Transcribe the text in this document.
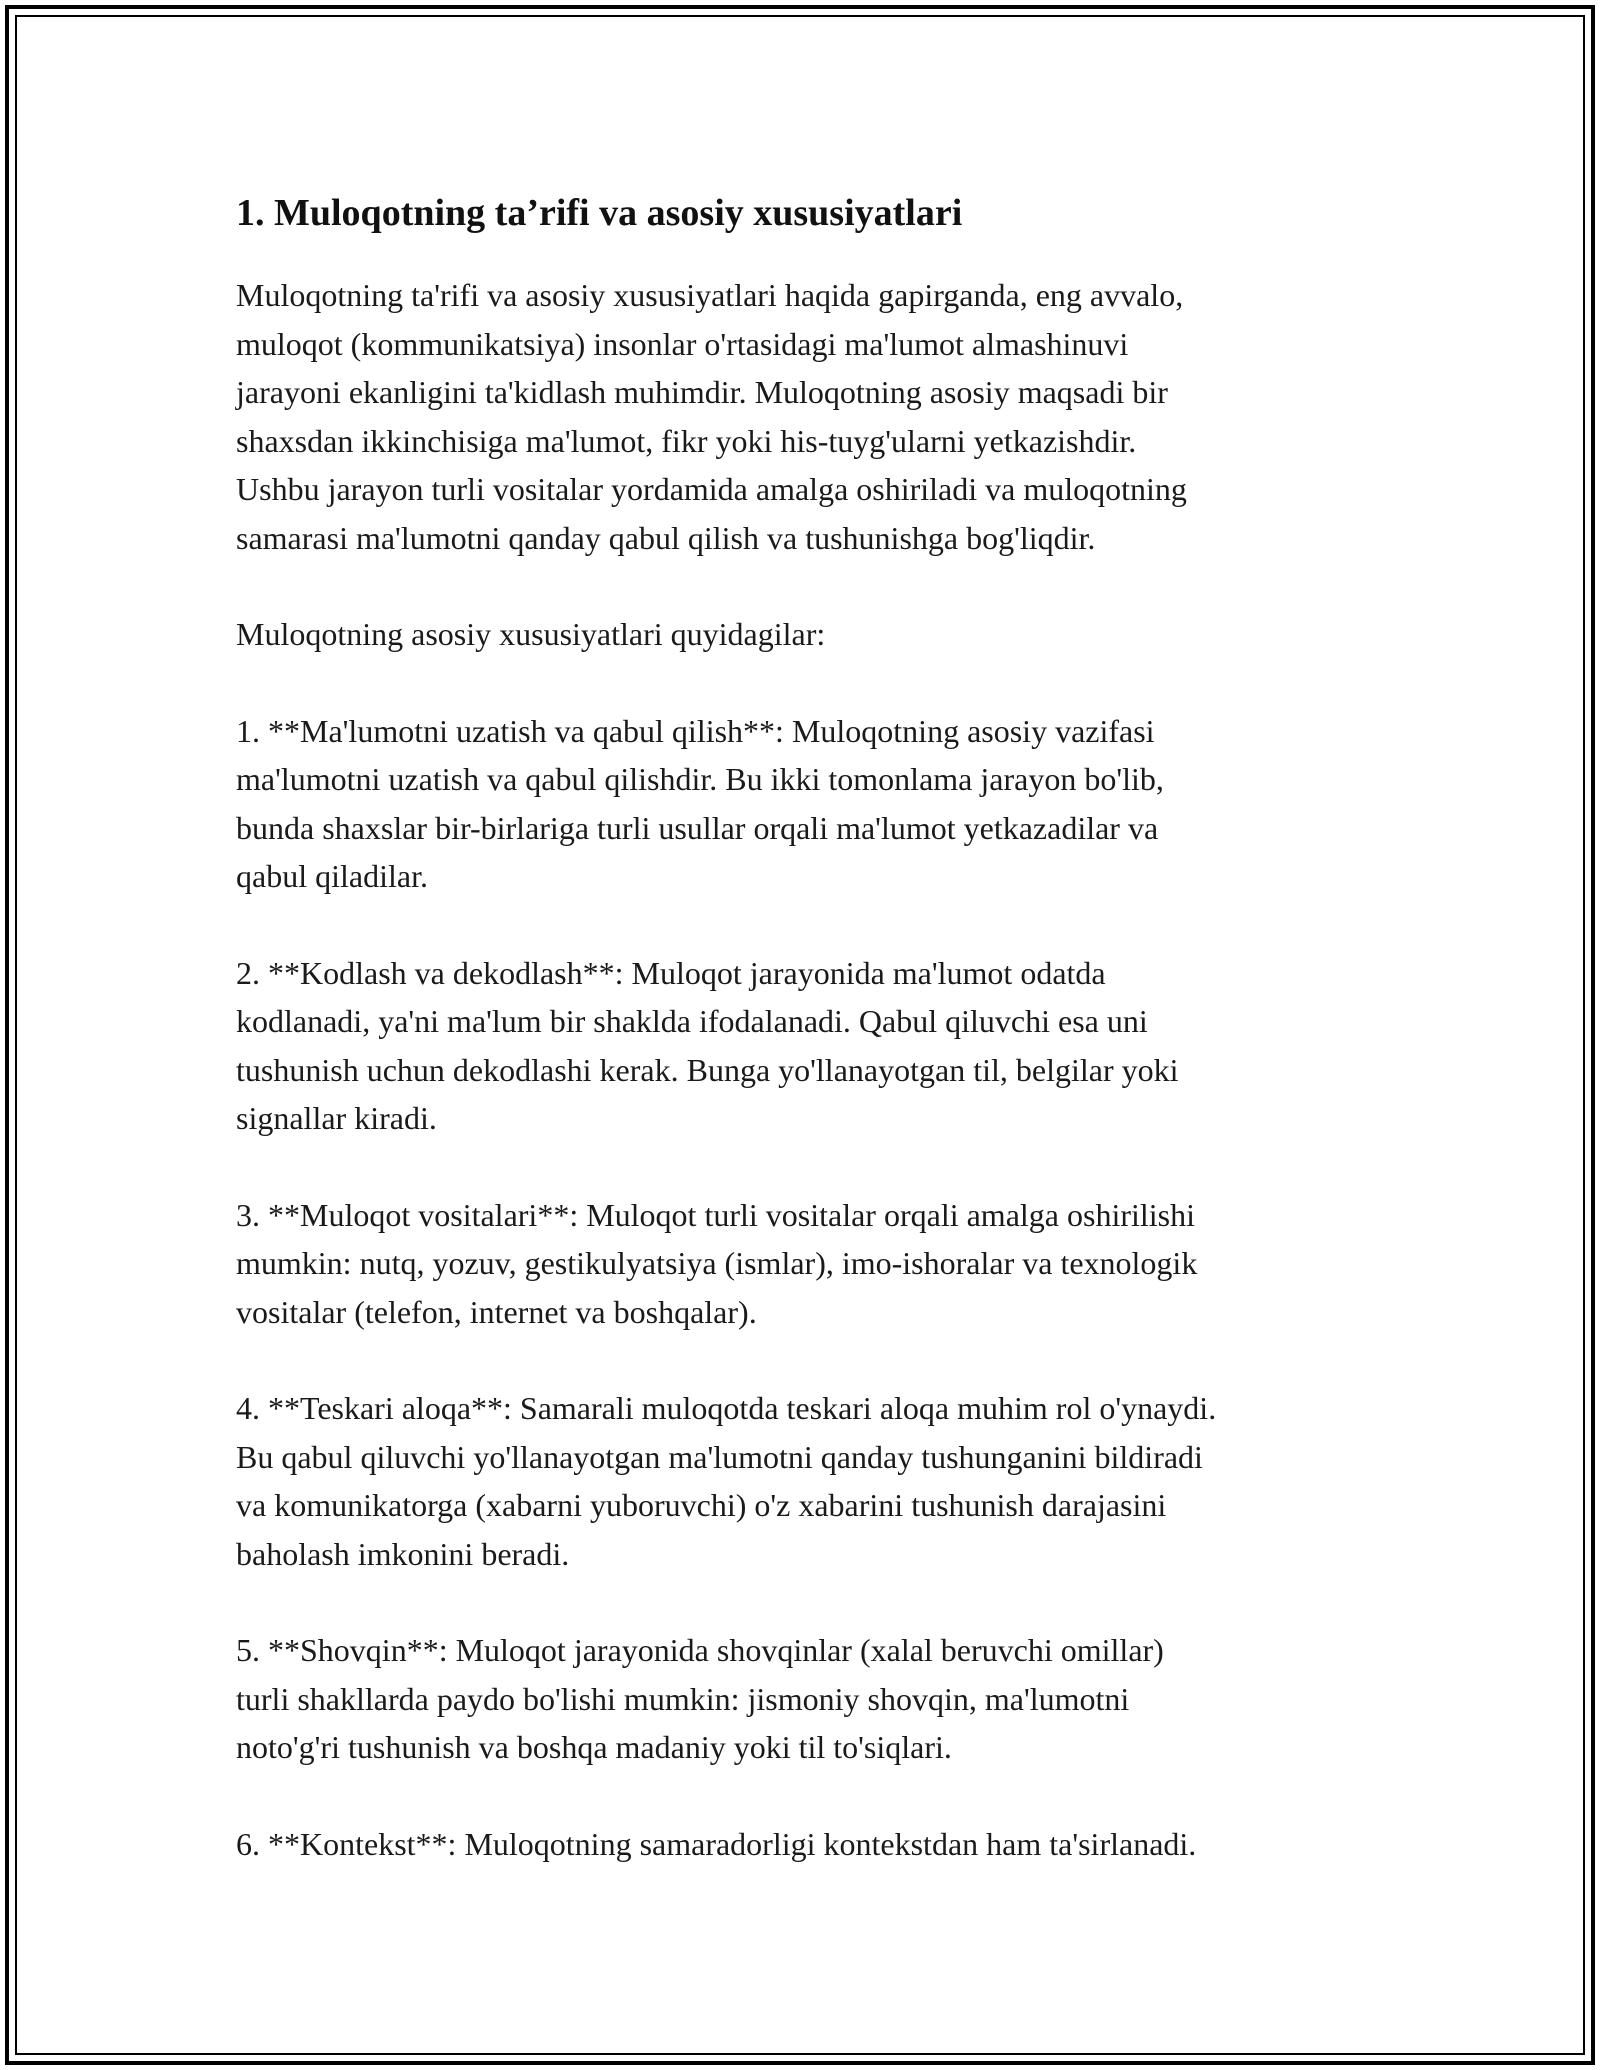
1. Muloqotning ta’rifi va asosiy xususiyatlari

Muloqotning ta'rifi va asosiy xususiyatlari haqida gapirganda, eng avvalo,
muloqot (kommunikatsiya) insonlar o'rtasidagi ma'lumot almashinuvi
jarayoni ekanligini ta'kidlash muhimdir. Muloqotning asosiy maqsadi bir
shaxsdan ikkinchisiga ma'lumot, fikr yoki his-tuyg'ularni yetkazishdir.
Ushbu jarayon turli vositalar yordamida amalga oshiriladi va muloqotning
samarasi ma'lumotni qanday qabul qilish va tushunishga bog'liqdir.

Muloqotning asosiy xususiyatlari quyidagilar:

1. **Ma'lumotni uzatish va qabul qilish**: Muloqotning asosiy vazifasi
ma'lumotni uzatish va qabul qilishdir. Bu ikki tomonlama jarayon bo'lib,
bunda shaxslar bir-birlariga turli usullar orqali ma'lumot yetkazadilar va
qabul qiladilar.

2. **Kodlash va dekodlash**: Muloqot jarayonida ma'lumot odatda
kodlanadi, ya'ni ma'lum bir shaklda ifodalanadi. Qabul qiluvchi esa uni
tushunish uchun dekodlashi kerak. Bunga yo'llanayotgan til, belgilar yoki
signallar kiradi.

3. **Muloqot vositalari**: Muloqot turli vositalar orqali amalga oshirilishi
mumkin: nutq, yozuv, gestikulyatsiya (ismlar), imo-ishoralar va texnologik
vositalar (telefon, internet va boshqalar).

4. **Teskari aloqa**: Samarali muloqotda teskari aloqa muhim rol o'ynaydi.
Bu qabul qiluvchi yo'llanayotgan ma'lumotni qanday tushunganini bildiradi
va komunikatorga (xabarni yuboruvchi) o'z xabarini tushunish darajasini
baholash imkonini beradi.

5. **Shovqin**: Muloqot jarayonida shovqinlar (xalal beruvchi omillar)
turli shakllarda paydo bo'lishi mumkin: jismoniy shovqin, ma'lumotni
noto'g'ri tushunish va boshqa madaniy yoki til to'siqlari.

6. **Kontekst**: Muloqotning samaradorligi kontekstdan ham ta'sirlanadi.
